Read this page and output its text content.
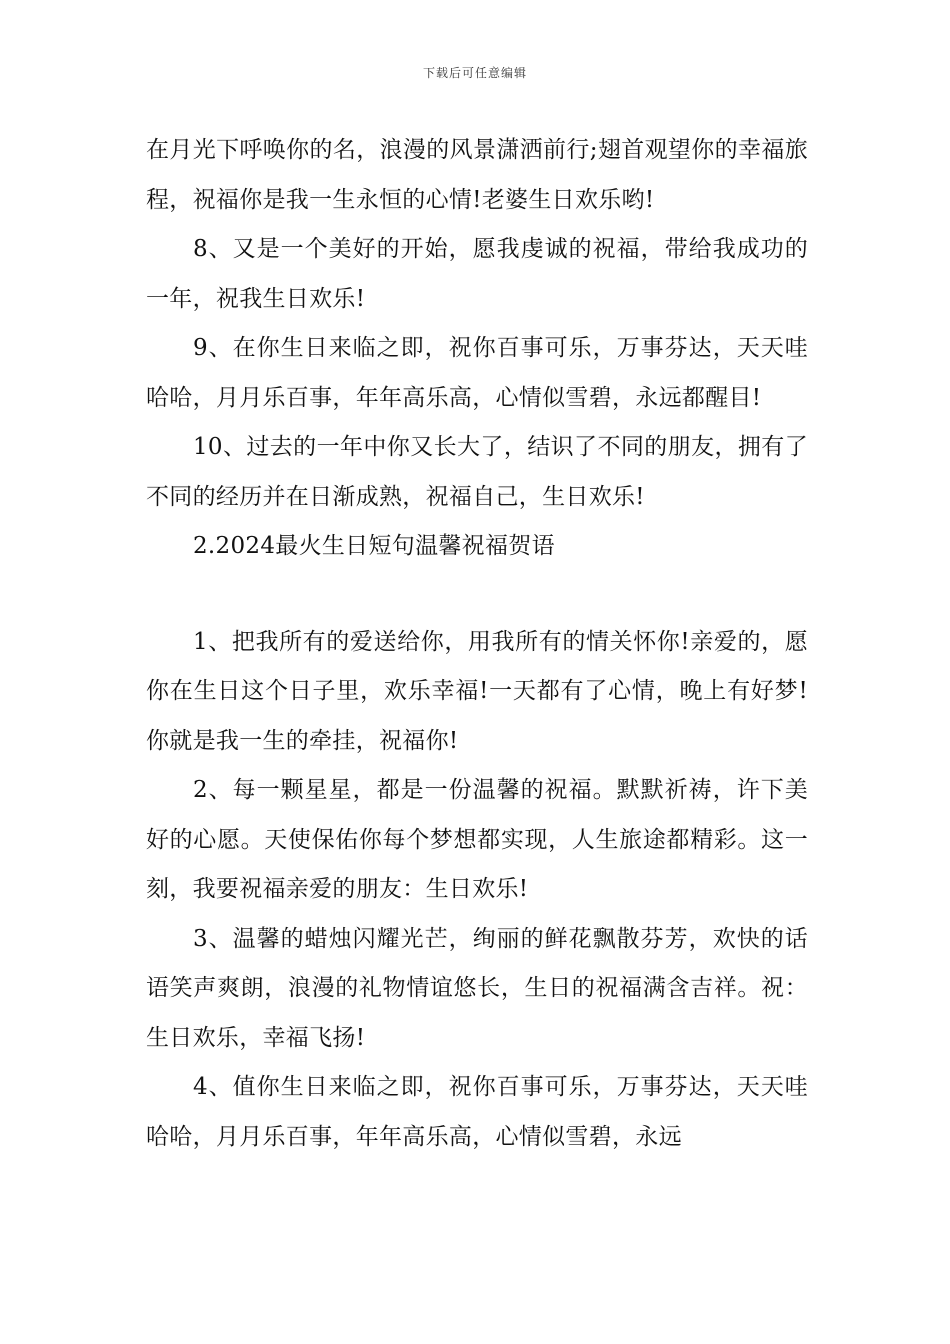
下载后可任意编辑

在月光下呼唤你的名，浪漫的风景潇洒前行;翅首观望你的幸福旅程，祝福你是我一生永恒的心情!老婆生日欢乐哟!

8、又是一个美好的开始，愿我虔诚的祝福，带给我成功的一年，祝我生日欢乐!

9、在你生日来临之即，祝你百事可乐，万事芬达，天天哇哈哈，月月乐百事，年年高乐高，心情似雪碧，永远都醒目!

10、过去的一年中你又长大了，结识了不同的朋友，拥有了不同的经历并在日渐成熟，祝福自己，生日欢乐!

2.2024最火生日短句温馨祝福贺语

1、把我所有的爱送给你，用我所有的情关怀你!亲爱的，愿你在生日这个日子里，欢乐幸福!一天都有了心情，晚上有好梦!你就是我一生的牵挂，祝福你!

2、每一颗星星，都是一份温馨的祝福。默默祈祷，许下美好的心愿。天使保佑你每个梦想都实现，人生旅途都精彩。这一刻，我要祝福亲爱的朋友：生日欢乐!

3、温馨的蜡烛闪耀光芒，绚丽的鲜花飘散芬芳，欢快的话语笑声爽朗，浪漫的礼物情谊悠长，生日的祝福满含吉祥。祝：生日欢乐，幸福飞扬!

4、值你生日来临之即，祝你百事可乐，万事芬达，天天哇哈哈，月月乐百事，年年高乐高，心情似雪碧，永远
